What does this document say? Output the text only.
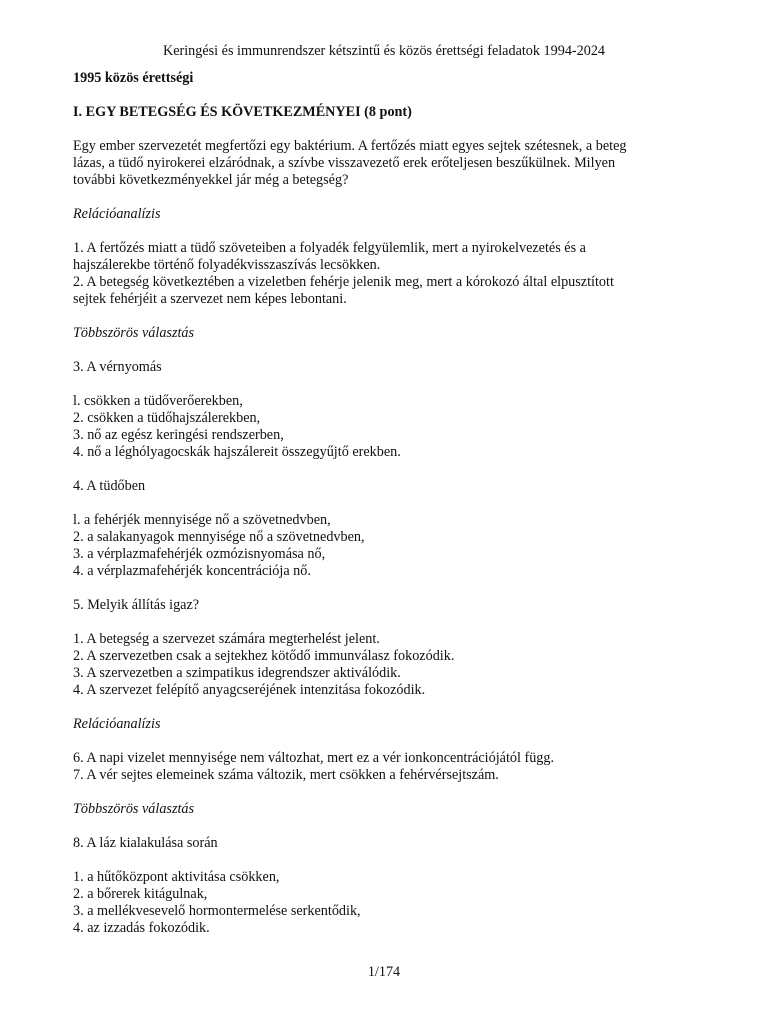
Keringési és immunrendszer kétszintű és közös érettségi feladatok 1994-2024

1995 közös érettségi

I. EGY BETEGSÉG ÉS KÖVETKEZMÉNYEI (8 pont)

Egy ember szervezetét megfertőzi egy baktérium. A fertőzés miatt egyes sejtek szétesnek, a beteg

lázas, a tüdő nyirokerei elzáródnak, a szívbe visszavezető erek erőteljesen beszűkülnek. Milyen

további következményekkel jár még a betegség?

Relációanalízis

1. A fertőzés miatt a tüdő szöveteiben a folyadék felgyülemlik, mert a nyirokelvezetés és a

hajszálerekbe történő folyadékvisszaszívás lecsökken.

2. A betegség következtében a vizeletben fehérje jelenik meg, mert a kórokozó által elpusztított

sejtek fehérjéit a szervezet nem képes lebontani.

Többszörös választás

3. A vérnyomás

l. csökken a tüdőverőerekben,

2. csökken a tüdőhajszálerekben,

3. nő az egész keringési rendszerben,

4. nő a léghólyagocskák hajszálereit összegyűjtő erekben.

4. A tüdőben

l. a fehérjék mennyisége nő a szövetnedvben,

2. a salakanyagok mennyisége nő a szövetnedvben,

3. a vérplazmafehérjék ozmózisnyomása nő,

4. a vérplazmafehérjék koncentrációja nő.

5. Melyik állítás igaz?

1. A betegség a szervezet számára megterhelést jelent.

2. A szervezetben csak a sejtekhez kötődő immunválasz fokozódik.

3. A szervezetben a szimpatikus idegrendszer aktiválódik.

4. A szervezet felépítő anyagcseréjének intenzitása fokozódik.

Relációanalízis

6. A napi vizelet mennyisége nem változhat, mert ez a vér ionkoncentrációjától függ.

7. A vér sejtes elemeinek száma változik, mert csökken a fehérvérsejtszám.

Többszörös választás

8. A láz kialakulása során

1. a hűtőközpont aktivitása csökken,

2. a bőrerek kitágulnak,

3. a mellékvesevelő hormontermelése serkentődik,

4. az izzadás fokozódik.

1/174
